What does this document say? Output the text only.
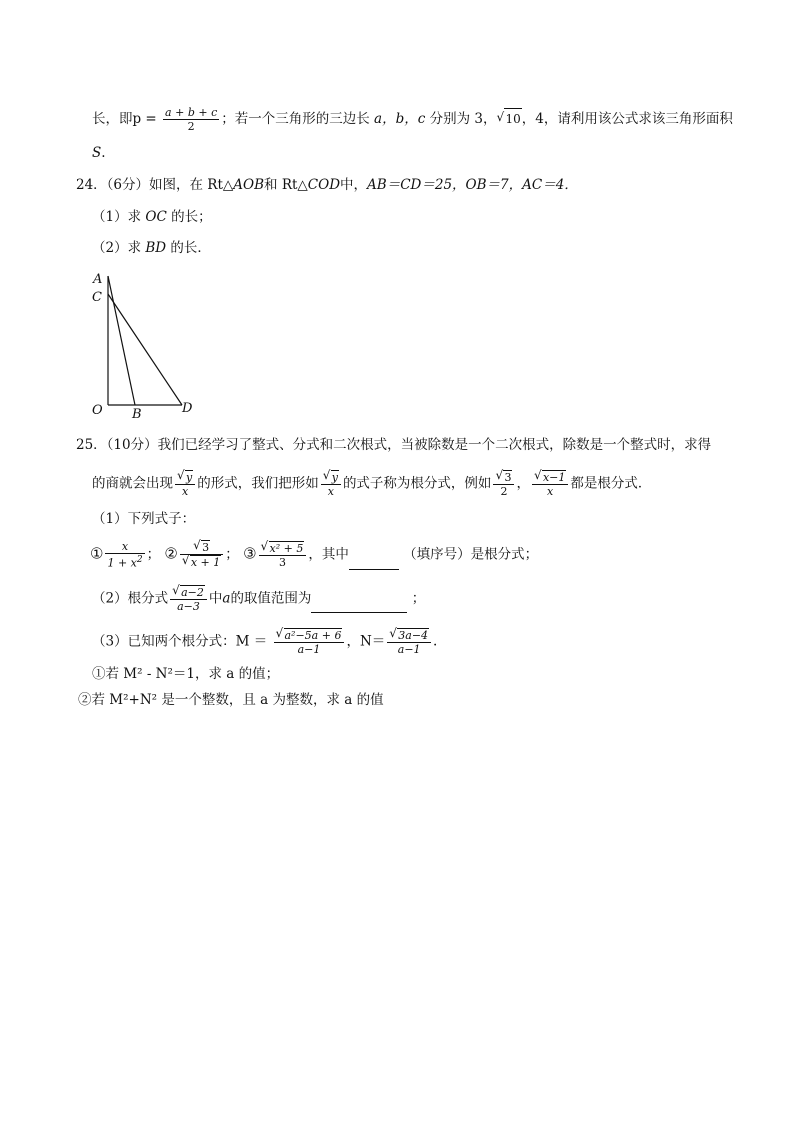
长，即$p = \frac{a + b + c}{2}$ ；若一个三角形的三边长 a，b，c 分别为 3， √ 10，4，请利用该公式求该三角形面积
S.
24．（6分）如图，在 Rt△AOB和 Rt△COD中，AB＝CD＝25，OB＝7，AC＝4．
（1）求 OC 的长；
（2）求 BD 的长．
A
C
O B	D
25．（10分）我们已经学习了整式、分式和二次根式，当被除数是一个二次根式，除数是一个整式时，求得
的商就会出现 √ $\frac{y}{x}$ 的形式，我们把形如 √ $\frac{y}{x}$ 的式子称为根分式，例如 √ $\frac{3}{2}$ ， √ $\frac{x-1}{x}$ 都是根分式．
（1）下列式子：
① $\frac{x}{1 + x^2}$ ； ② √ 3
√ x + 1 ； ③ √ $\frac{\text{x² + 5}}{3}$ ，其中	（填序号）是根分式；
（2）根分式 √ $\frac{a-2}{a-3}$ 中a的取值范围为	；
（3）已知两个根分式：M ＝ √ $\frac{\text{a²−5a + 6}}{a-1}$ ，N＝ √ $\frac{3a-4}{a-1}$ .
①若 M² - N²＝1，求 a 的值；
②若 M²+N² 是一个整数，且 a 为整数，求 a 的值
